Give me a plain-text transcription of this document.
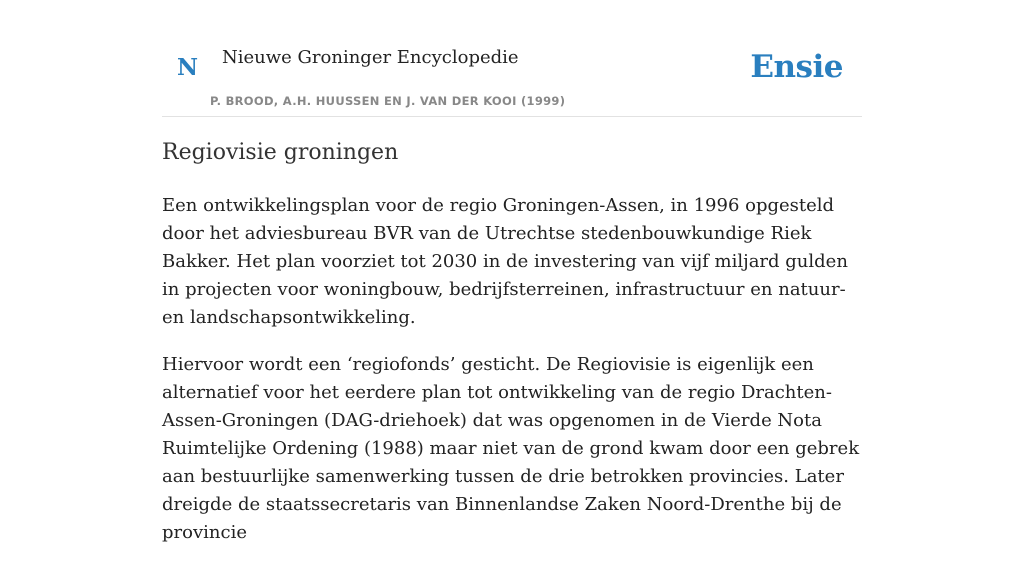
N Nieuwe Groninger Encyclopedie
P. BROOD, A.H. HUUSSEN EN J. VAN DER KOOI (1999)
Ensie
Regiovisie groningen

Een ontwikkelingsplan voor de regio Groningen-Assen, in 1996 opgesteld door het adviesbureau BVR van de Utrechtse stedenbouwkundige Riek Bakker. Het plan voorziet tot 2030 in de investering van vijf miljard gulden in projecten voor woningbouw, bedrijfsterreinen, infrastructuur en natuur- en landschapsontwikkeling.

Hiervoor wordt een ‘regiofonds’ gesticht. De Regiovisie is eigenlijk een alternatief voor het eerdere plan tot ontwikkeling van de regio Drachten-Assen-Groningen (DAG-driehoek) dat was opgenomen in de Vierde Nota Ruimtelijke Ordening (1988) maar niet van de grond kwam door een gebrek aan bestuurlijke samenwerking tussen de drie betrokken provincies. Later dreigde de staatssecretaris van Binnenlandse Zaken Noord-Drenthe bij de provincie
